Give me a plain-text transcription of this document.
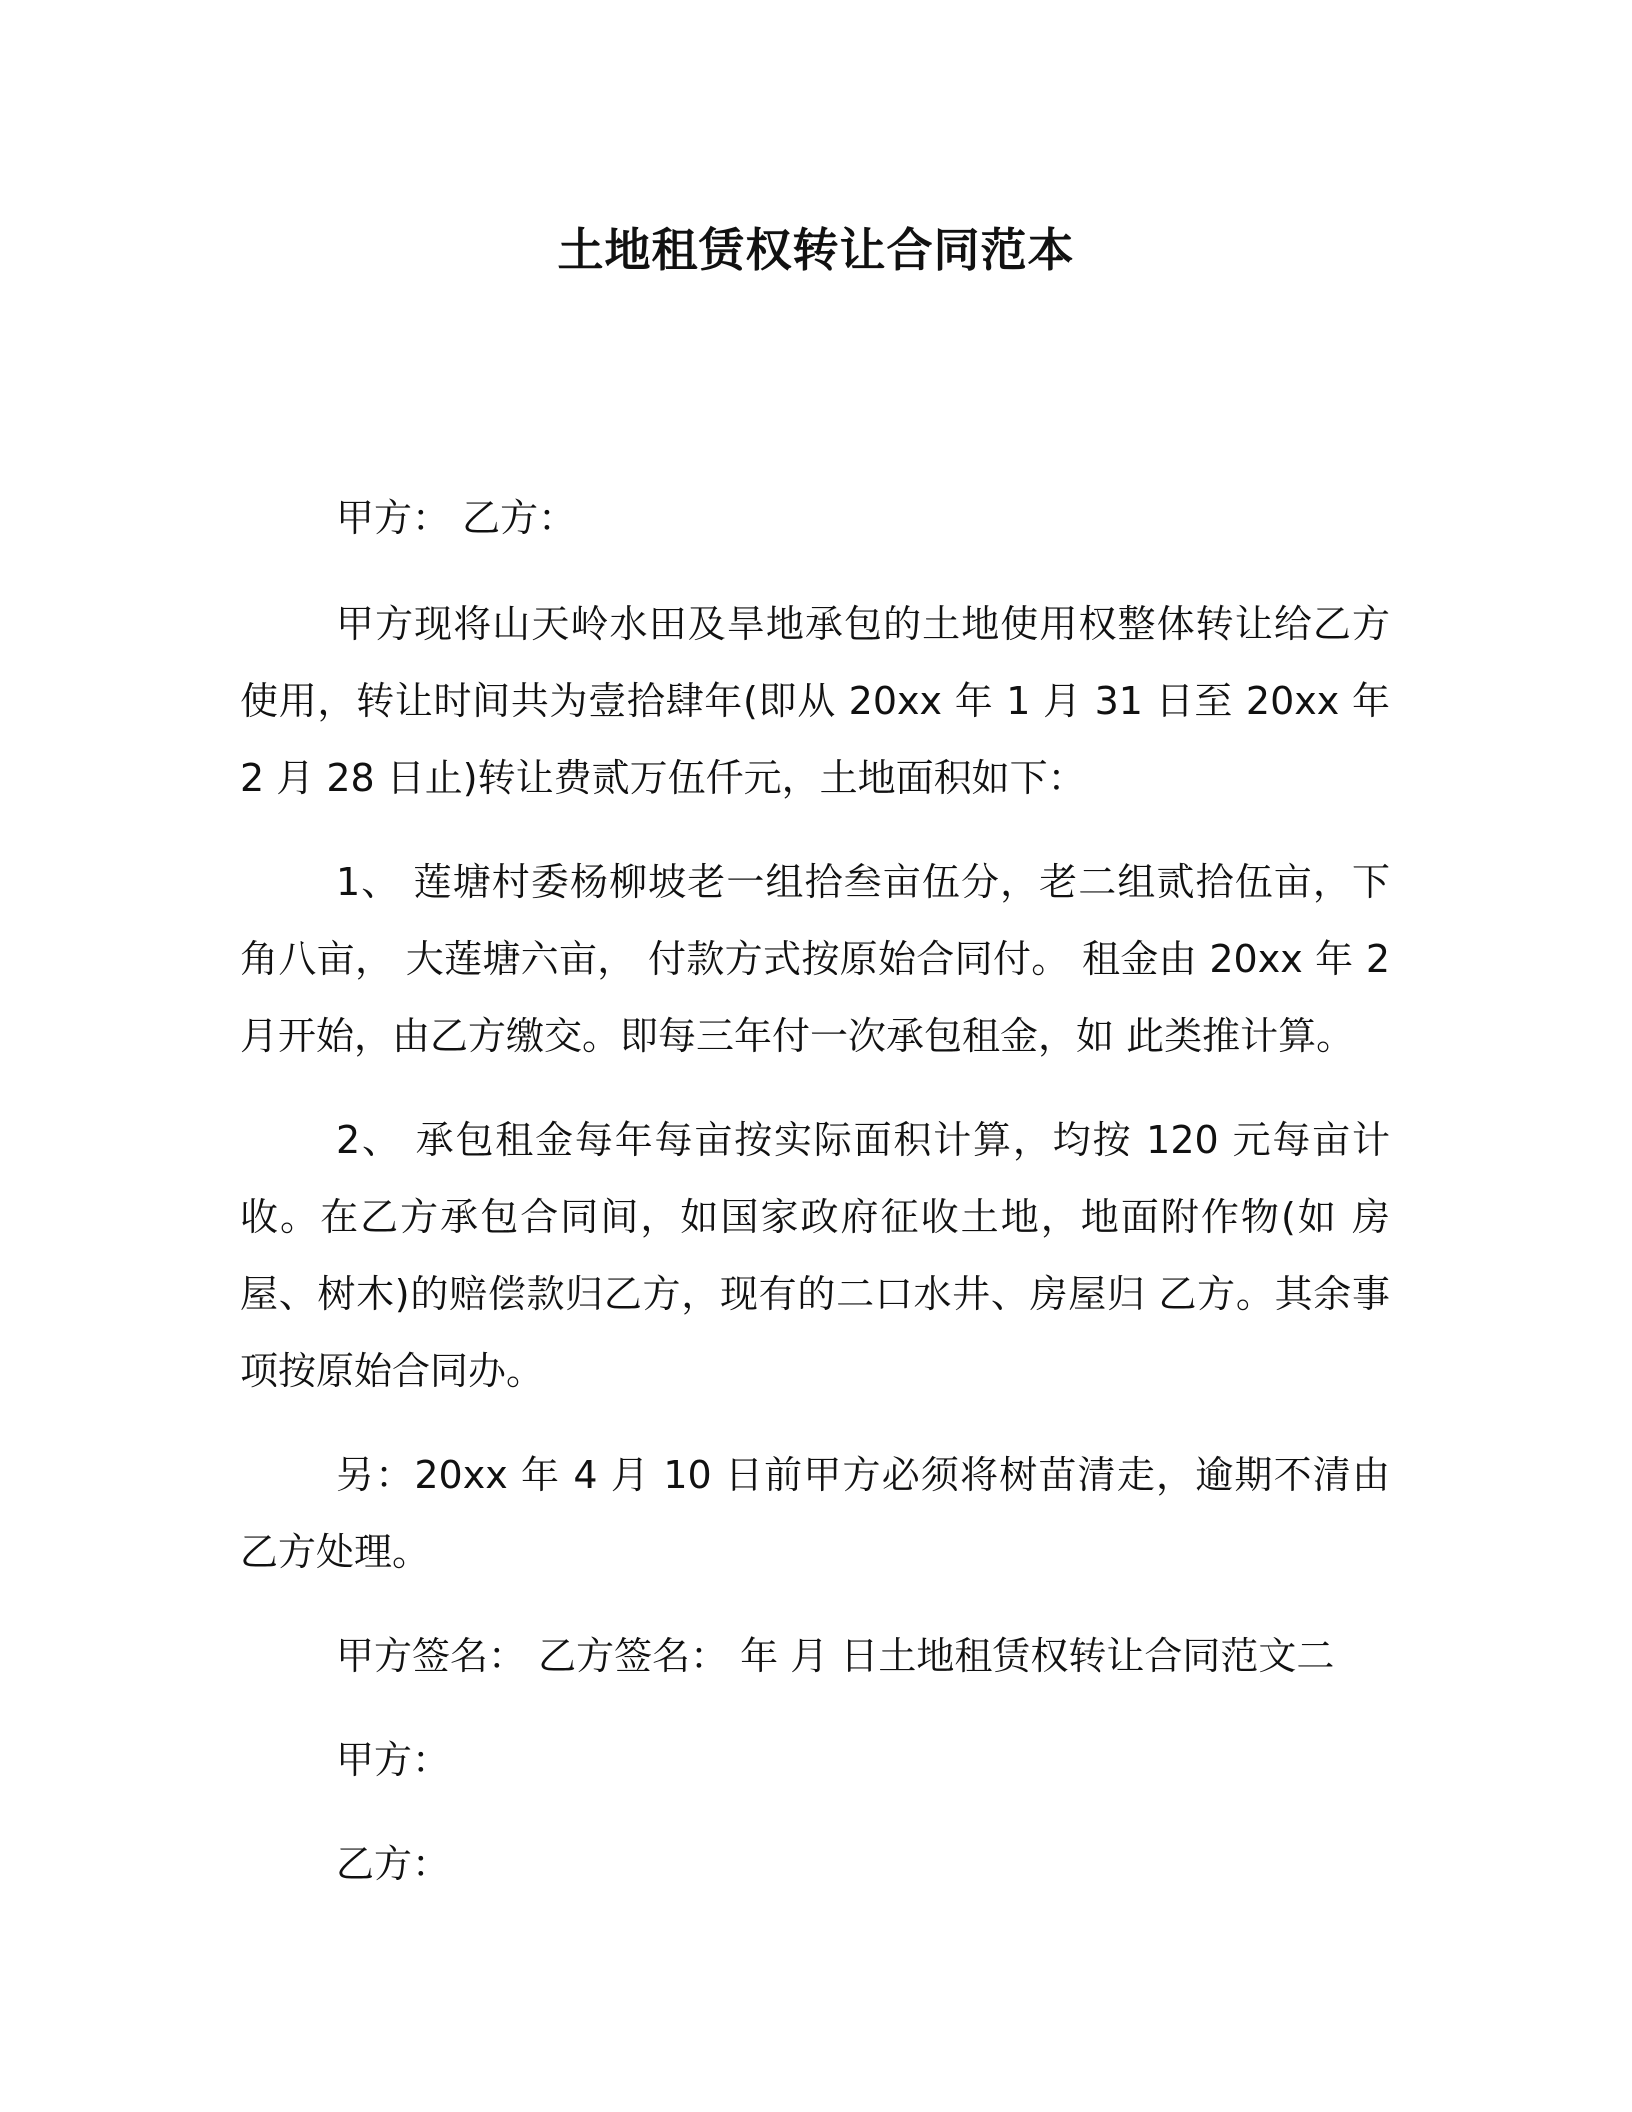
土地租赁权转让合同范本

甲方： 乙方：

甲方现将山天岭水田及旱地承包的土地使用权整体转让给乙方使用，转让时间共为壹拾肆年(即从 20xx 年 1 月 31 日至 20xx 年 2 月 28 日止)转让费贰万伍仟元，土地面积如下：

1、 莲塘村委杨柳坡老一组拾叁亩伍分，老二组贰拾伍亩，下 角八亩， 大莲塘六亩， 付款方式按原始合同付。 租金由 20xx 年 2 月开始，由乙方缴交。即每三年付一次承包租金，如 此类推计算。

2、 承包租金每年每亩按实际面积计算，均按 120 元每亩计收。在乙方承包合同间，如国家政府征收土地，地面附作物(如 房屋、树木)的赔偿款归乙方，现有的二口水井、房屋归 乙方。其余事项按原始合同办。

另：20xx 年 4 月 10 日前甲方必须将树苗清走，逾期不清由 乙方处理。

甲方签名： 乙方签名： 年 月 日土地租赁权转让合同范文二

甲方：

乙方：
